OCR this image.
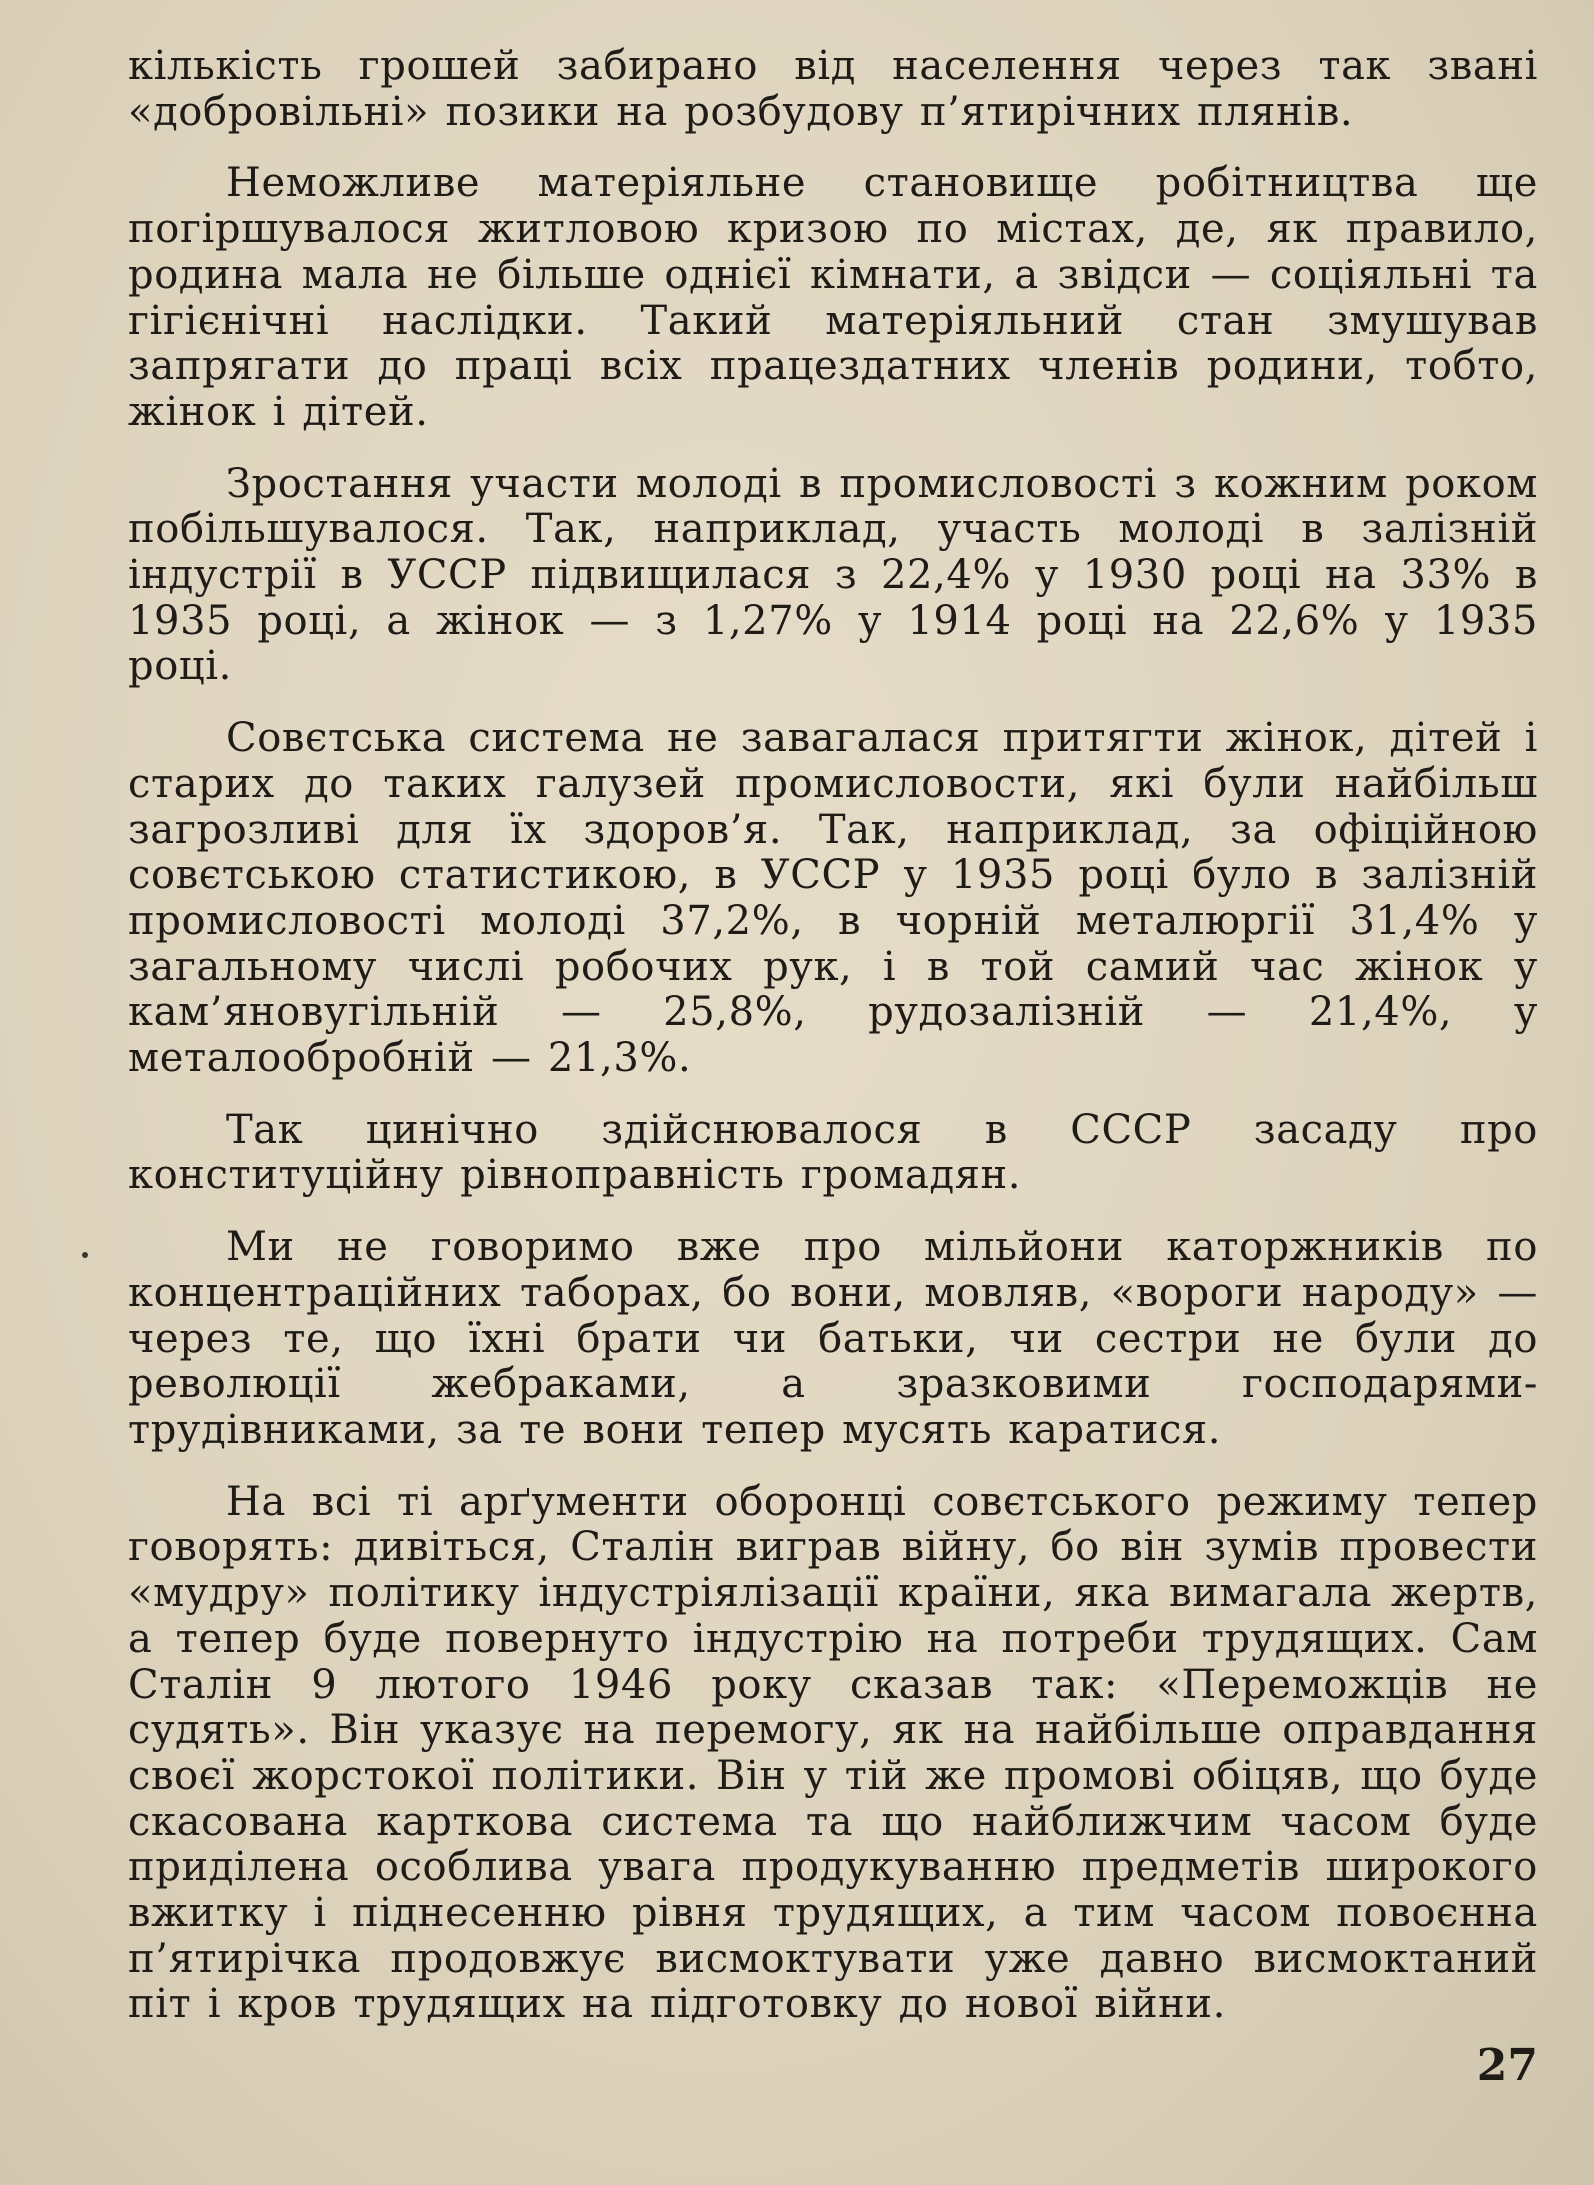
кількість грошей забирано від населення через так звані «добровільні» позики на розбудову п’ятирічних плянів.

Неможливе матеріяльне становище робітництва ще погіршувалося житловою кризою по містах, де, як правило, родина мала не більше однієї кімнати, а звідси — соціяльні та гігієнічні наслідки. Такий матеріяльний стан змушував запрягати до праці всіх працездатних членів родини, тобто, жінок і дітей.

Зростання участи молоді в промисловості з кожним роком побільшувалося. Так, наприклад, участь молоді в залізній індустрії в УССР підвищилася з 22,4% у 1930 році на 33% в 1935 році, а жінок — з 1,27% у 1914 році на 22,6% у 1935 році.

Совєтська система не завагалася притягти жінок, дітей і старих до таких галузей промисловости, які були найбільш загрозливі для їх здоров’я. Так, наприклад, за офіційною совєтською статистикою, в УССР у 1935 році було в залізній промисловості молоді 37,2%, в чорній металюргії 31,4% у загальному числі робочих рук, і в той самий час жінок у кам’яновугільній — 25,8%, рудозалізній — 21,4%, у металообробній — 21,3%.

Так цинічно здійснювалося в СССР засаду про конституційну рівноправність громадян.

Ми не говоримо вже про мільйони каторжників по концентраційних таборах, бо вони, мовляв, «вороги народу» — через те, що їхні брати чи батьки, чи сестри не були до революції жебраками, а зразковими господарями-трудівниками, за те вони тепер мусять каратися.

На всі ті арґументи оборонці совєтського режиму тепер говорять: дивіться, Сталін виграв війну, бо він зумів провести «мудру» політику індустріялізації країни, яка вимагала жертв, а тепер буде повернуто індустрію на потреби трудящих. Сам Сталін 9 лютого 1946 року сказав так: «Переможців не судять». Він указує на перемогу, як на найбільше оправдання своєї жорстокої політики. Він у тій же промові обіцяв, що буде скасована карткова система та що найближчим часом буде приділена особлива увага продукуванню предметів широкого вжитку і піднесенню рівня трудящих, а тим часом повоєнна п’ятирічка продовжує висмоктувати уже давно висмоктаний піт і кров трудящих на підготовку до нової війни.

27
